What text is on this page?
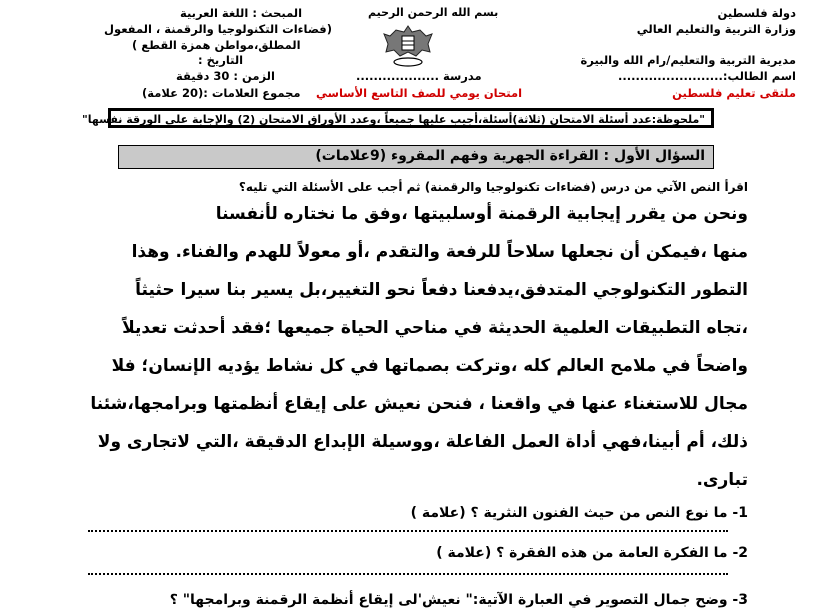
دولة فلسطين
وزارة التربية والتعليم العالي
مديرية التربية والتعليم/رام الله والبيرة
اسم الطالب:........................
ملتقى تعليم فلسطين
بسم الله الرحمن الرحيم
مدرسة ...................
امتحان يومي للصف التاسع الأساسي
المبحث : اللغة العربية
(فضاءات التكنولوجيا والرقمنة ، المفعول
المطلق،مواطن همزة القطع )
التاريخ :
الزمن : 30 دقيقة
مجموع العلامات :(20 علامة)
"ملحوظة:عدد أسئلة الامتحان (ثلاثة)أسئلة،أجيب عليها جميعاً ،وعدد الأوراق الامتحان (2) والإجابة على الورقة نفسها"
السؤال الأول : القراءة الجهرية وفهم المقروء (9علامات)
اقرأ النص الآتي من درس (فضاءات تكنولوجيا والرقمنة) ثم أجب على الأسئلة التي تليه؟
ونحن من يقرر إيجابية الرقمنة أوسلبيتها ،وفق ما نختاره لأنفسنا
منها ،فيمكن أن نجعلها سلاحاً للرفعة والتقدم ،أو معولاً للهدم والفناء. وهذا
التطور التكنولوجي المتدفق،يدفعنا دفعاً نحو التغيير،بل يسير بنا سيرا حثيثاً
،تجاه التطبيقات العلمية الحديثة في مناحي الحياة جميعها ؛فقد أحدثت تعديلاً
واضحاً في ملامح العالم كله ،وتركت بصماتها في كل نشاط يؤديه الإنسان؛ فلا
مجال للاستغناء عنها في واقعنا ، فنحن نعيش على إيقاع أنظمتها وبرامجها،شئنا
ذلك، أم أبينا،فهي أداة العمل الفاعلة ،ووسيلة الإبداع الدقيقة ،التي لاتجارى ولا
تبارى.
1- ما نوع النص من حيث الفنون النثرية ؟ (علامة )
2- ما الفكرة العامة من هذه الفقرة ؟ (علامة )
3- وضح جمال التصوير في العبارة الآتية:" نعيش'لى إيقاع أنظمة الرقمنة وبرامجها" ؟
